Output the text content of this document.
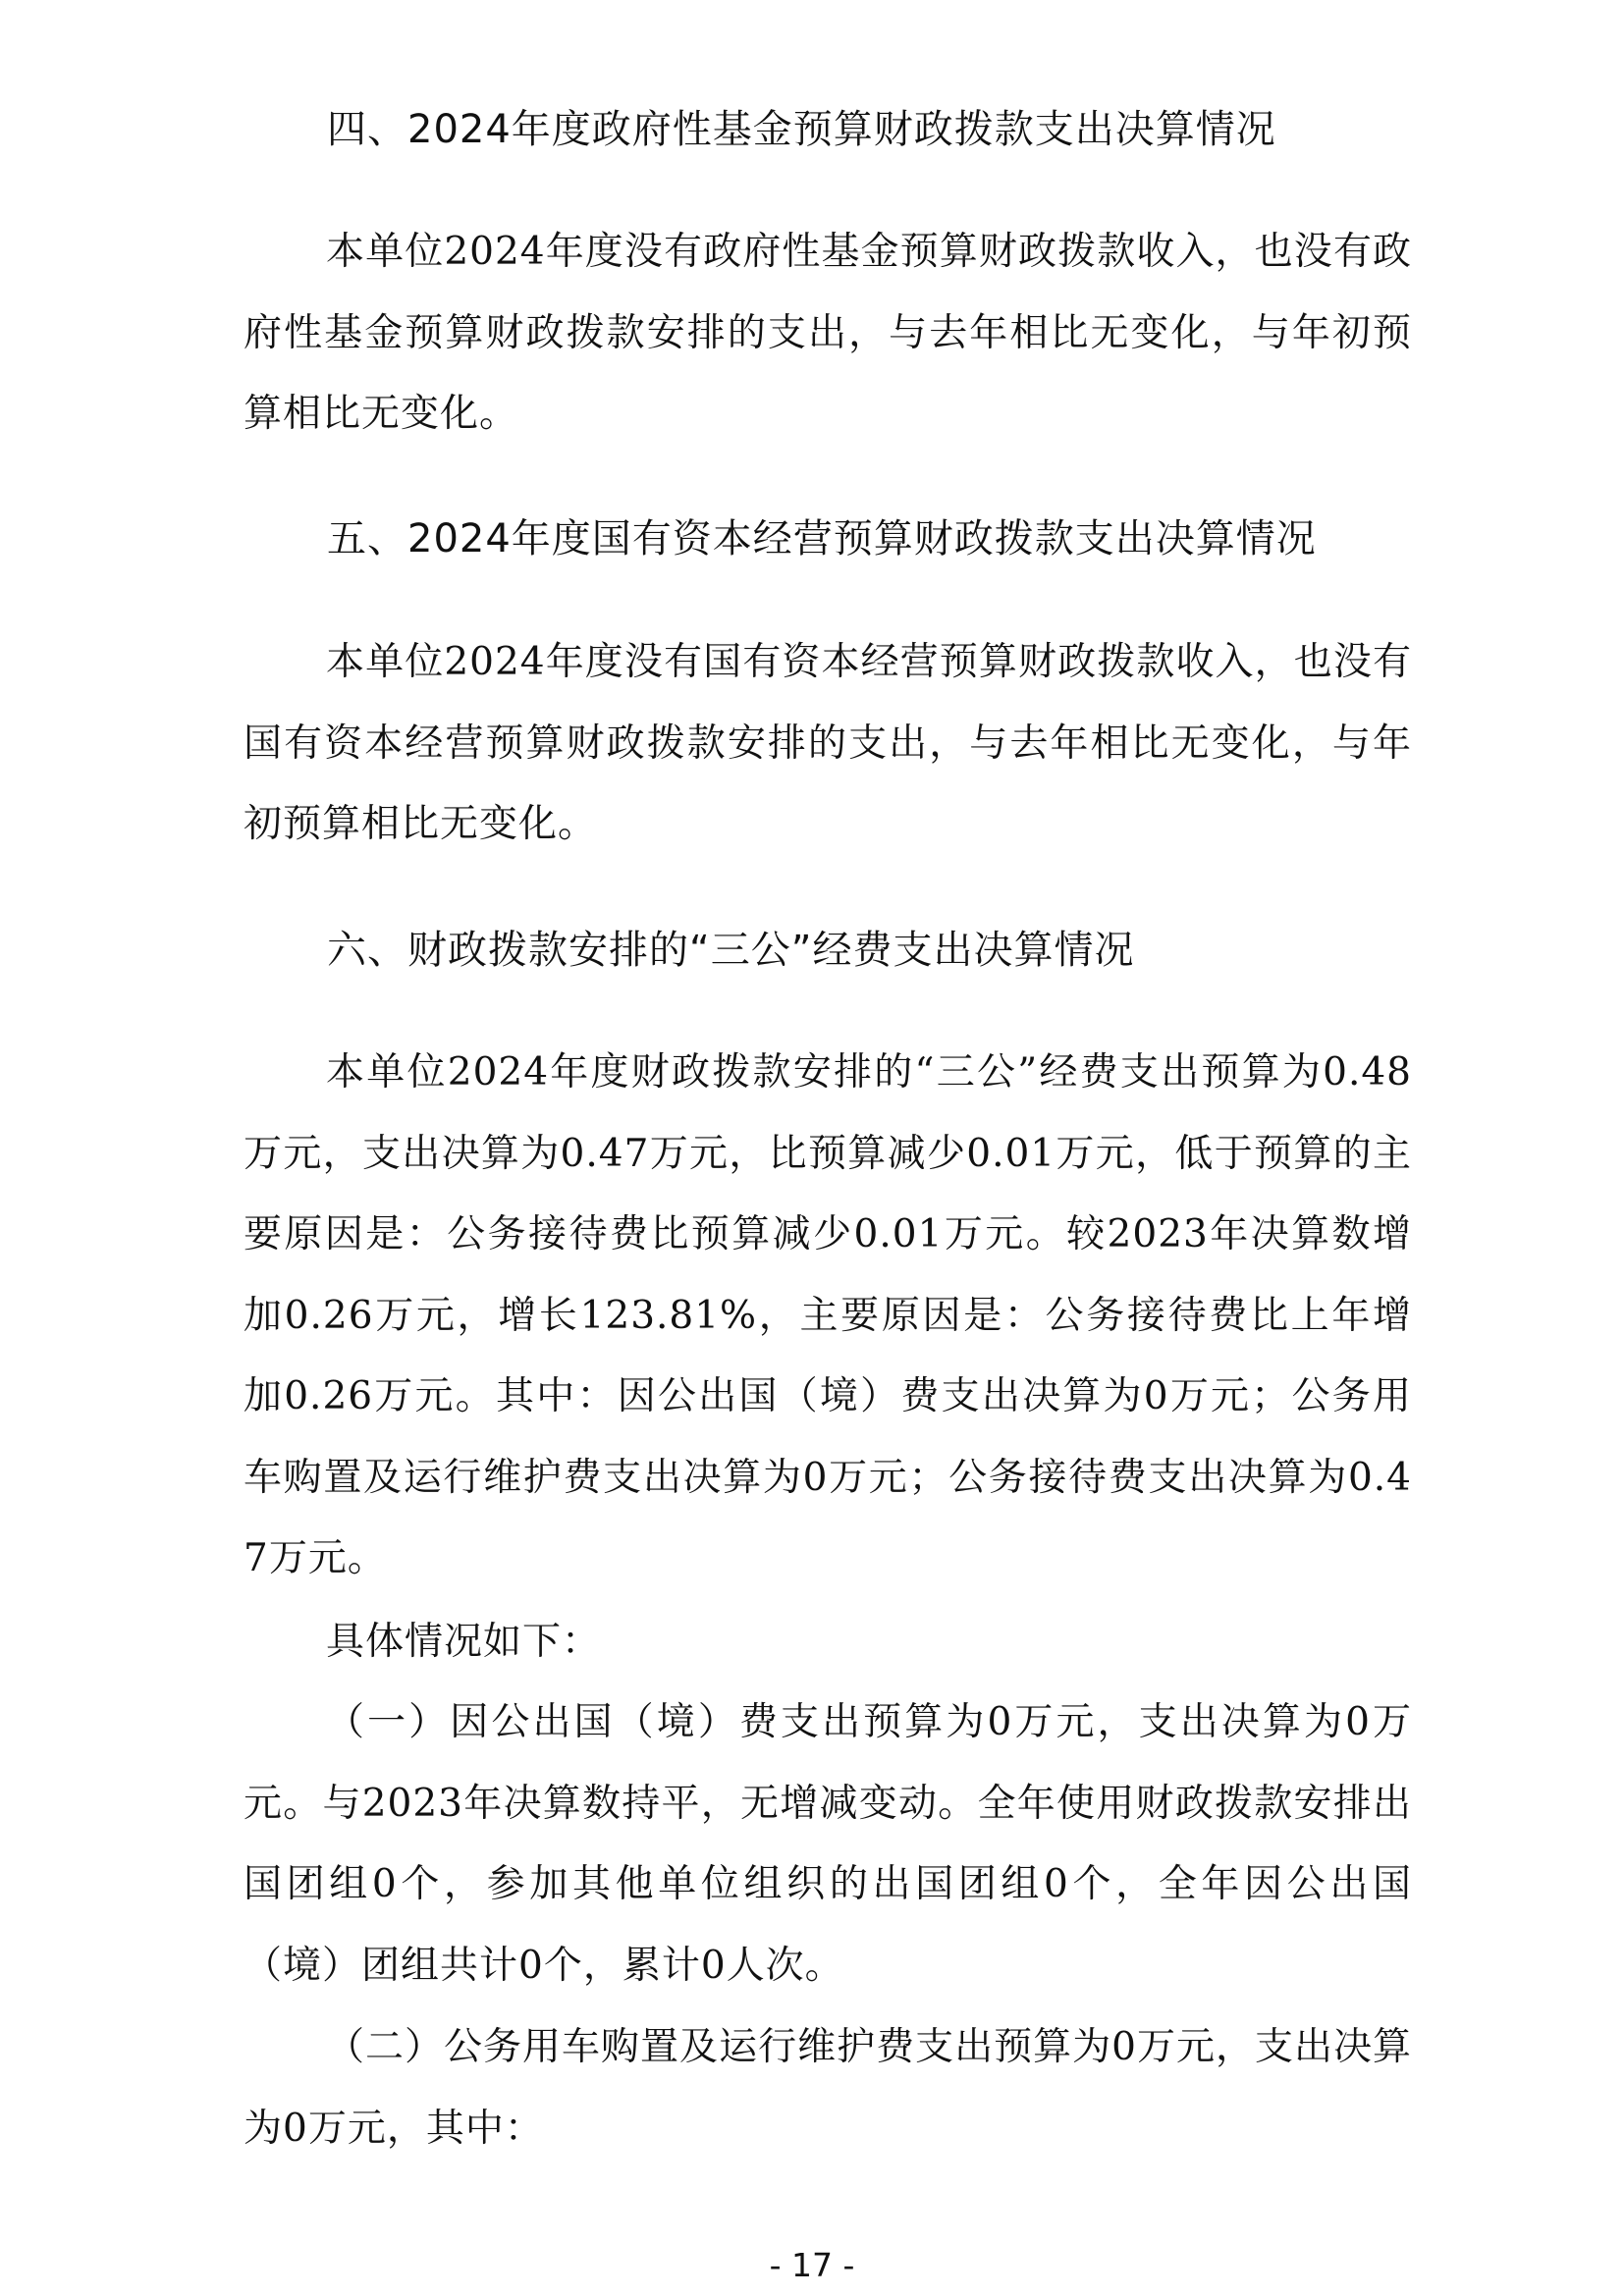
四、2024年度政府性基金预算财政拨款支出决算情况

本单位2024年度没有政府性基金预算财政拨款收入，也没有政府性基金预算财政拨款安排的支出，与去年相比无变化，与年初预算相比无变化。

五、2024年度国有资本经营预算财政拨款支出决算情况

本单位2024年度没有国有资本经营预算财政拨款收入，也没有国有资本经营预算财政拨款安排的支出，与去年相比无变化，与年初预算相比无变化。

六、财政拨款安排的“三公”经费支出决算情况

本单位2024年度财政拨款安排的“三公”经费支出预算为0.48万元，支出决算为0.47万元，比预算减少0.01万元，低于预算的主要原因是：公务接待费比预算减少0.01万元。较2023年决算数增加0.26万元，增长123.81%，主要原因是：公务接待费比上年增加0.26万元。其中：因公出国（境）费支出决算为0万元；公务用车购置及运行维护费支出决算为0万元；公务接待费支出决算为0.47万元。

具体情况如下：

（一）因公出国（境）费支出预算为0万元，支出决算为0万元。与2023年决算数持平，无增减变动。全年使用财政拨款安排出国团组0个，参加其他单位组织的出国团组0个，全年因公出国（境）团组共计0个，累计0人次。

（二）公务用车购置及运行维护费支出预算为0万元，支出决算为0万元，其中：

- 17 -
